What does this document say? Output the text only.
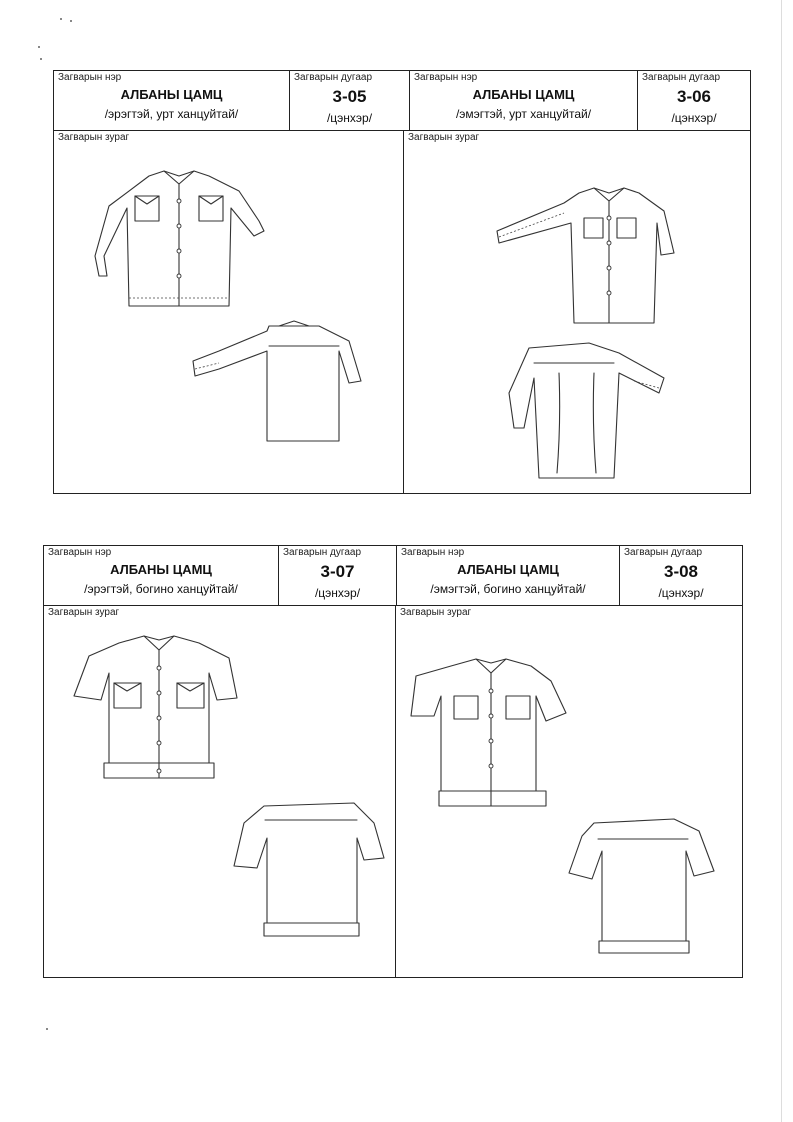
Загварын нэр
АЛБАНЫ ЦАМЦ
/эрэгтэй, урт ханцуйтай/
Загварын дугаар
3-05
/цэнхэр/
Загварын нэр
АЛБАНЫ ЦАМЦ
/эмэгтэй, урт ханцуйтай/
Загварын дугаар
3-06
/цэнхэр/
Загварын зураг	Загварын зураг
Загварын нэр
АЛБАНЫ ЦАМЦ
/эрэгтэй, богино ханцуйтай/
Загварын дугаар
3-07
/цэнхэр/
Загварын нэр
АЛБАНЫ ЦАМЦ
/эмэгтэй, богино ханцуйтай/
Загварын дугаар
3-08
/цэнхэр/
Загварын зураг	Загварын зураг
